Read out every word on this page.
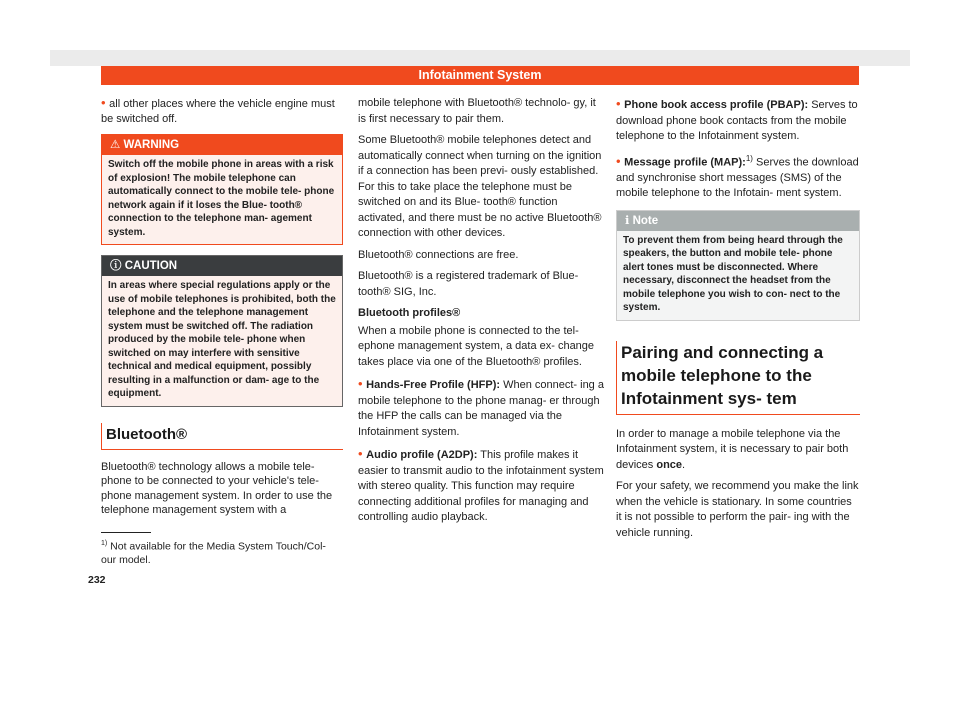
Infotainment System

• all other places where the vehicle engine must be switched off.

⚠ WARNING
Switch off the mobile phone in areas with a risk of explosion! The mobile telephone can automatically connect to the mobile tele- phone network again if it loses the Blue- tooth® connection to the telephone man- agement system.
ⓘ CAUTION
In areas where special regulations apply or the use of mobile telephones is prohibited, both the telephone and the telephone management system must be switched off. The radiation produced by the mobile tele- phone when switched on may interfere with sensitive technical and medical equipment, possibly resulting in a malfunction or dam- age to the equipment.
Bluetooth®

Bluetooth® technology allows a mobile tele- phone to be connected to your vehicle's tele- phone management system. In order to use the telephone management system with a

$^{1)}$ Not available for the Media System Touch/Col- our model.
232

mobile telephone with Bluetooth® technolo- gy, it is first necessary to pair them.

Some Bluetooth® mobile telephones detect and automatically connect when turning on the ignition if a connection has been previ- ously established. For this to take place the telephone must be switched on and its Blue- tooth® function activated, and there must be no active Bluetooth® connection with other devices.

Bluetooth® connections are free.

Bluetooth® is a registered trademark of Blue- tooth® SIG, Inc.

Bluetooth profiles®

When a mobile phone is connected to the tel- ephone management system, a data ex- change takes place via one of the Bluetooth® profiles.

• Hands-Free Profile (HFP): When connect- ing a mobile telephone to the phone manag- er through the HFP the calls can be managed via the Infotainment system.

• Audio profile (A2DP): This profile makes it easier to transmit audio to the infotainment system with stereo quality. This function may require connecting additional profiles for managing and controlling audio playback.

• Phone book access profile (PBAP): Serves to download phone book contacts from the mobile telephone to the Infotainment system.

• Message profile (MAP):$^{1)}$ Serves the download and synchronise short messages (SMS) of the mobile telephone to the Infotain- ment system.

ℹ Note
To prevent them from being heard through the speakers, the button and mobile tele- phone alert tones must be disconnected. Where necessary, disconnect the headset from the mobile telephone you wish to con- nect to the system.
Pairing and connecting a mobile telephone to the Infotainment sys- tem

In order to manage a mobile telephone via the Infotainment system, it is necessary to pair both devices once.

For your safety, we recommend you make the link when the vehicle is stationary. In some countries it is not possible to perform the pair- ing with the vehicle running.
